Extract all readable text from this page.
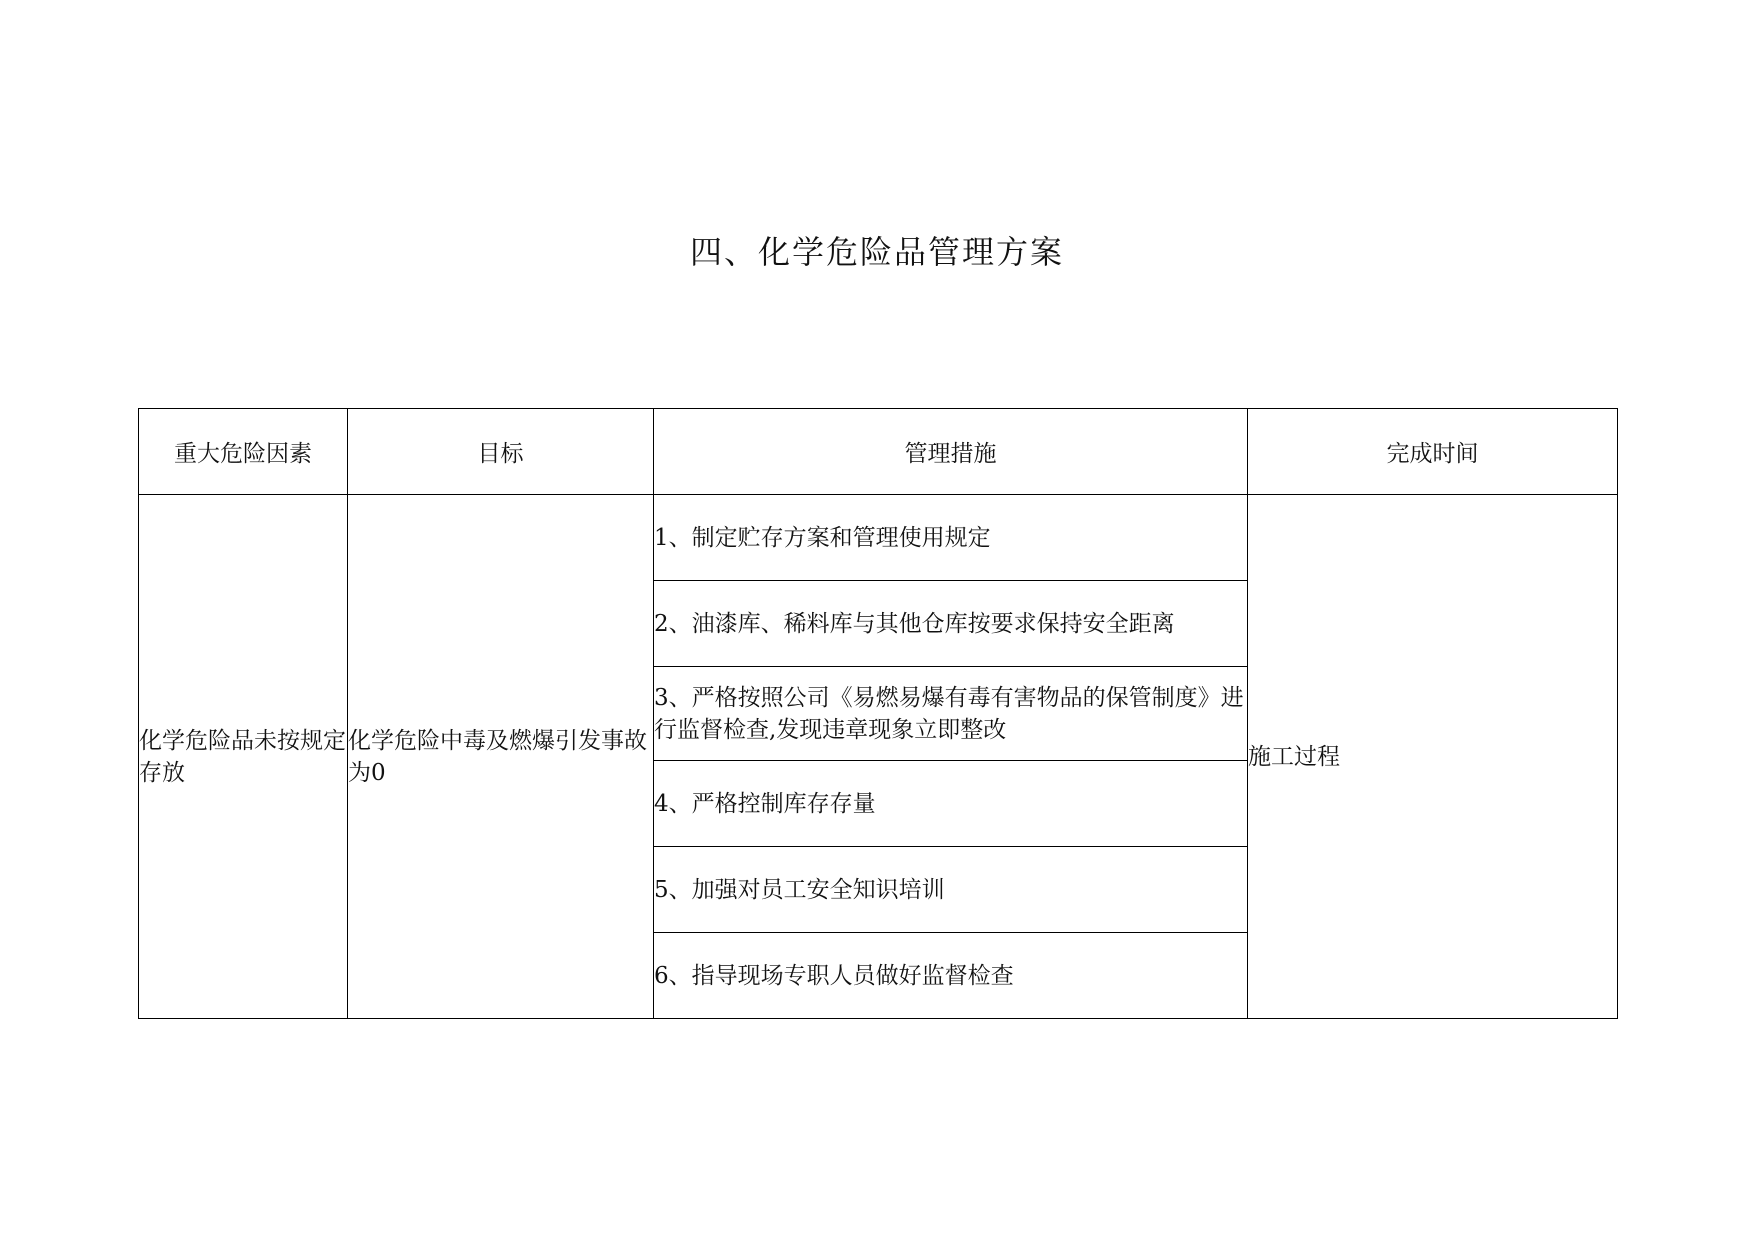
四、化学危险品管理方案
重大危险因素	目标	管理措施	完成时间
化学危险品未按规定存放	化学危险中毒及燃爆引发事故为0	1、制定贮存方案和管理使用规定	施工过程
		2、油漆库、稀料库与其他仓库按要求保持安全距离	
		3、严格按照公司《易燃易爆有毒有害物品的保管制度》进行监督检查,发现违章现象立即整改	
		4、严格控制库存存量	
		5、加强对员工安全知识培训	
		6、指导现场专职人员做好监督检查	
